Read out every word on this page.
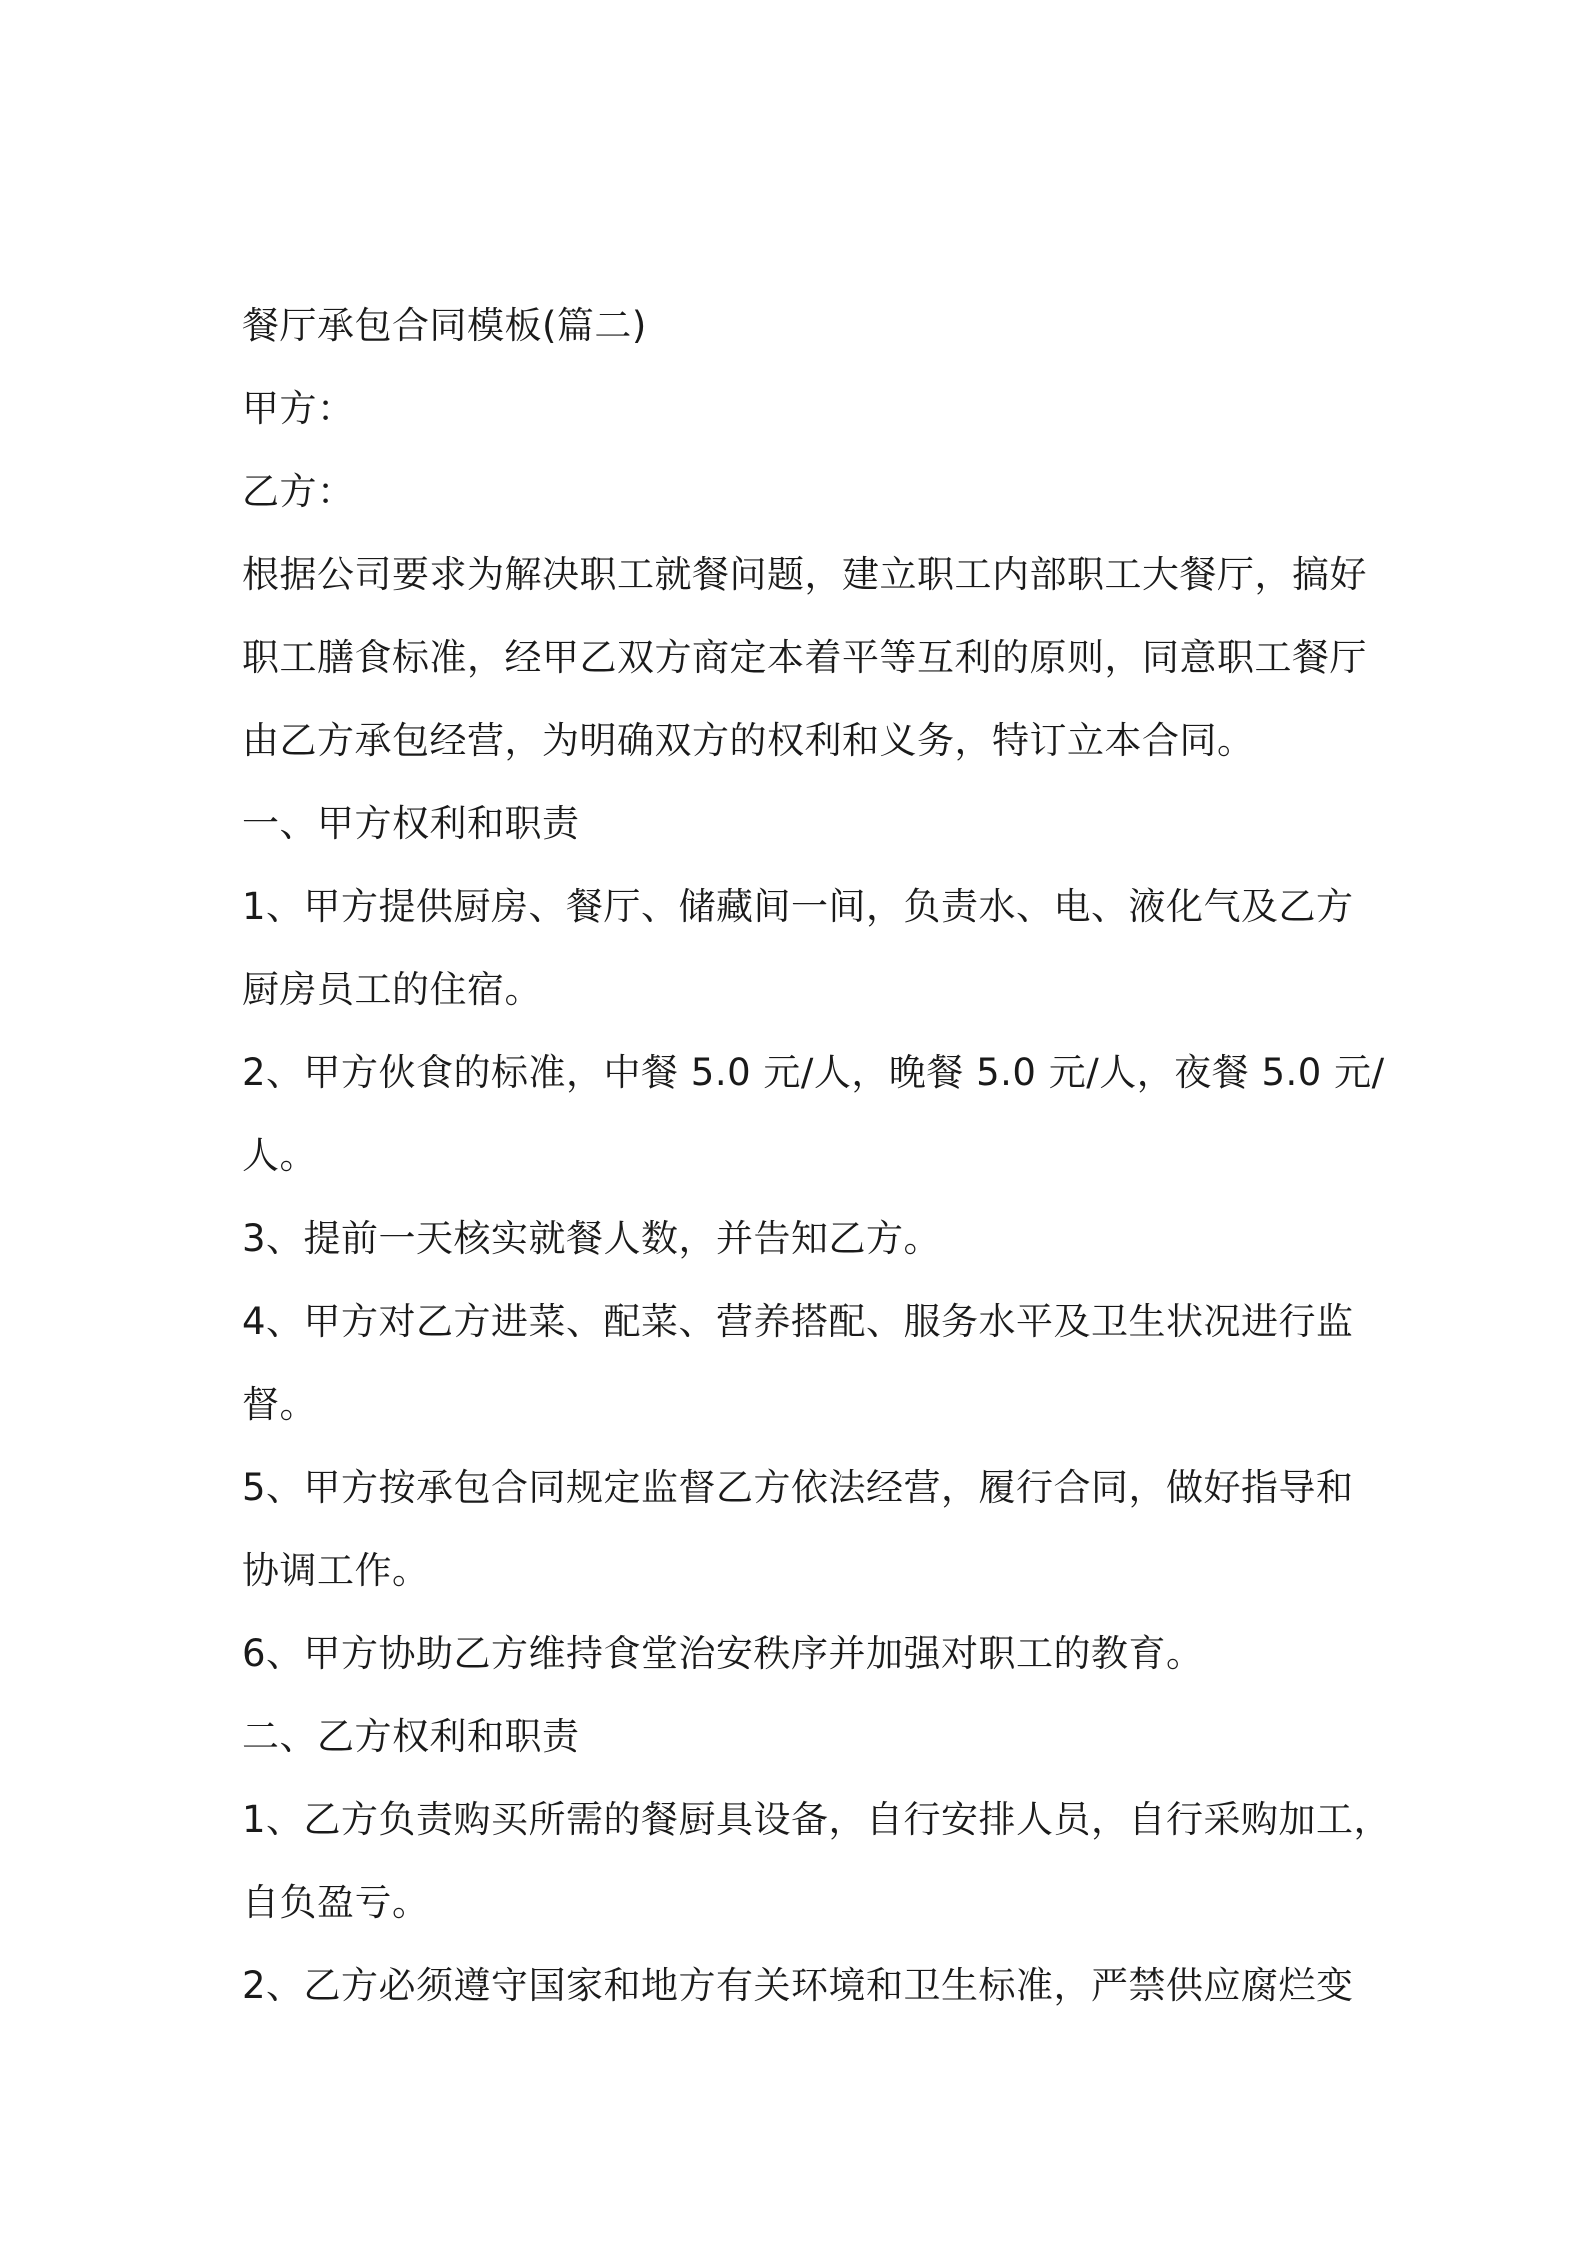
餐厅承包合同模板(篇二)
甲方：
乙方：
根据公司要求为解决职工就餐问题，建立职工内部职工大餐厅，搞好
职工膳食标准，经甲乙双方商定本着平等互利的原则，同意职工餐厅
由乙方承包经营，为明确双方的权利和义务，特订立本合同。
一、甲方权利和职责
1、甲方提供厨房、餐厅、储藏间一间，负责水、电、液化气及乙方
厨房员工的住宿。
2、甲方伙食的标准，中餐 5.0 元/人，晚餐 5.0 元/人，夜餐 5.0 元/
人。
3、提前一天核实就餐人数，并告知乙方。
4、甲方对乙方进菜、配菜、营养搭配、服务水平及卫生状况进行监
督。
5、甲方按承包合同规定监督乙方依法经营，履行合同，做好指导和
协调工作。
6、甲方协助乙方维持食堂治安秩序并加强对职工的教育。
二、乙方权利和职责
1、乙方负责购买所需的餐厨具设备，自行安排人员，自行采购加工，
自负盈亏。
2、乙方必须遵守国家和地方有关环境和卫生标准，严禁供应腐烂变
